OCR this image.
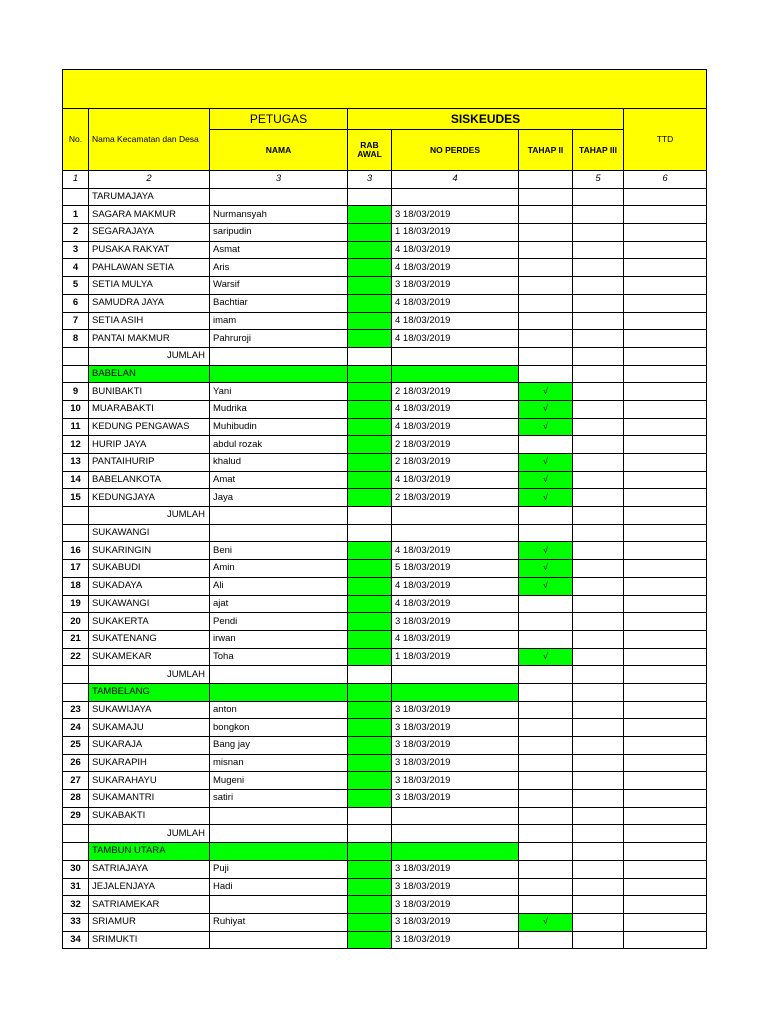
No.	Nama Kecamatan dan Desa	PETUGAS	SISKEUDES				TTD
		NAMA	RAB AWAL	NO PERDES	TAHAP II	TAHAP III	
1	2	3	3	4		5	6
	TARUMAJAYA						
1	SAGARA MAKMUR	Nurmansyah		3 18/03/2019			
2	SEGARAJAYA	saripudin		1 18/03/2019			
3	PUSAKA RAKYAT	Asmat		4 18/03/2019			
4	PAHLAWAN SETIA	Aris		4 18/03/2019			
5	SETIA MULYA	Warsif		3 18/03/2019			
6	SAMUDRA JAYA	Bachtiar		4 18/03/2019			
7	SETIA ASIH	imam		4 18/03/2019			
8	PANTAI MAKMUR	Pahruroji		4 18/03/2019			
	JUMLAH						
	BABELAN						
9	BUNIBAKTI	Yani		2 18/03/2019	√		
10	MUARABAKTI	Mudrika		4 18/03/2019	√		
11	KEDUNG PENGAWAS	Muhibudin		4 18/03/2019	√		
12	HURIP JAYA	abdul rozak		2 18/03/2019			
13	PANTAIHURIP	khalud		2 18/03/2019	√		
14	BABELANKOTA	Amat		4 18/03/2019	√		
15	KEDUNGJAYA	Jaya		2 18/03/2019	√		
	JUMLAH						
	SUKAWANGI						
16	SUKARINGIN	Beni		4 18/03/2019	√		
17	SUKABUDI	Amin		5 18/03/2019	√		
18	SUKADAYA	Ali		4 18/03/2019	√		
19	SUKAWANGI	ajat		4 18/03/2019			
20	SUKAKERTA	Pendi		3 18/03/2019			
21	SUKATENANG	irwan		4 18/03/2019			
22	SUKAMEKAR	Toha		1 18/03/2019	√		
	JUMLAH						
	TAMBELANG						
23	SUKAWIJAYA	anton		3 18/03/2019			
24	SUKAMAJU	bongkon		3 18/03/2019			
25	SUKARAJA	Bang jay		3 18/03/2019			
26	SUKARAPIH	misnan		3 18/03/2019			
27	SUKARAHAYU	Mugeni		3 18/03/2019			
28	SUKAMANTRI	satiri		3 18/03/2019			
29	SUKABAKTI						
	JUMLAH						
	TAMBUN UTARA						
30	SATRIAJAYA	Puji		3 18/03/2019			
31	JEJALENJAYA	Hadi		3 18/03/2019			
32	SATRIAMEKAR			3 18/03/2019			
33	SRIAMUR	Ruhiyat		3 18/03/2019	√		
34	SRIMUKTI			3 18/03/2019			
